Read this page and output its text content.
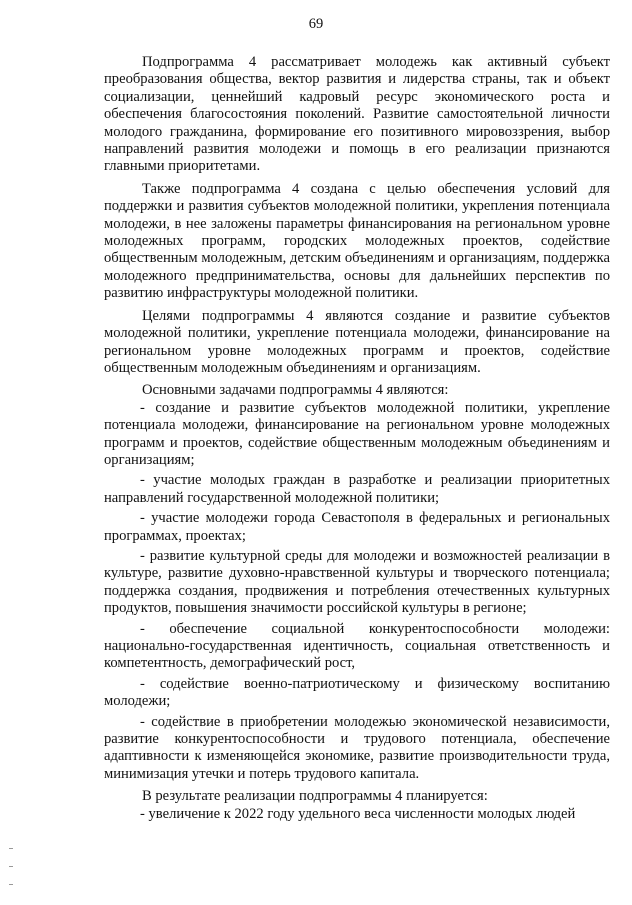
69

Подпрограмма 4 рассматривает молодежь как активный субъект преобразования общества, вектор развития и лидерства страны, так и объект социализации, ценнейший кадровый ресурс экономического роста и обеспечения благосостояния поколений. Развитие самостоятельной личности молодого гражданина, формирование его позитивного мировоззрения, выбор направлений развития молодежи и помощь в его реализации признаются главными приоритетами.

Также подпрограмма 4 создана с целью обеспечения условий для поддержки и развития субъектов молодежной политики, укрепления потенциала молодежи, в нее заложены параметры финансирования на региональном уровне молодежных программ, городских молодежных проектов, содействие общественным молодежным, детским объединениям и организациям, поддержка молодежного предпринимательства, основы для дальнейших перспектив по развитию инфраструктуры молодежной политики.

Целями подпрограммы 4 являются создание и развитие субъектов молодежной политики, укрепление потенциала молодежи, финансирование на региональном уровне молодежных программ и проектов, содействие общественным молодежным объединениям и организациям.

Основными задачами подпрограммы 4 являются:

- создание и развитие субъектов молодежной политики, укрепление потенциала молодежи, финансирование на региональном уровне молодежных программ и проектов, содействие общественным молодежным объединениям и организациям;

- участие молодых граждан в разработке и реализации приоритетных направлений государственной молодежной политики;

- участие молодежи города Севастополя в федеральных и региональных программах, проектах;

- развитие культурной среды для молодежи и возможностей реализации в культуре, развитие духовно-нравственной культуры и творческого потенциала; поддержка создания, продвижения и потребления отечественных культурных продуктов, повышения значимости российской культуры в регионе;

- обеспечение социальной конкурентоспособности молодежи: национально-государственная идентичность, социальная ответственность и компетентность, демографический рост,

- содействие военно-патриотическому и физическому воспитанию молодежи;

- содействие в приобретении молодежью экономической независимости, развитие конкурентоспособности и трудового потенциала, обеспечение адаптивности к изменяющейся экономике, развитие производительности труда, минимизация утечки и потерь трудового капитала.

В результате реализации подпрограммы 4 планируется:

- увеличение к 2022 году удельного веса численности молодых людей
